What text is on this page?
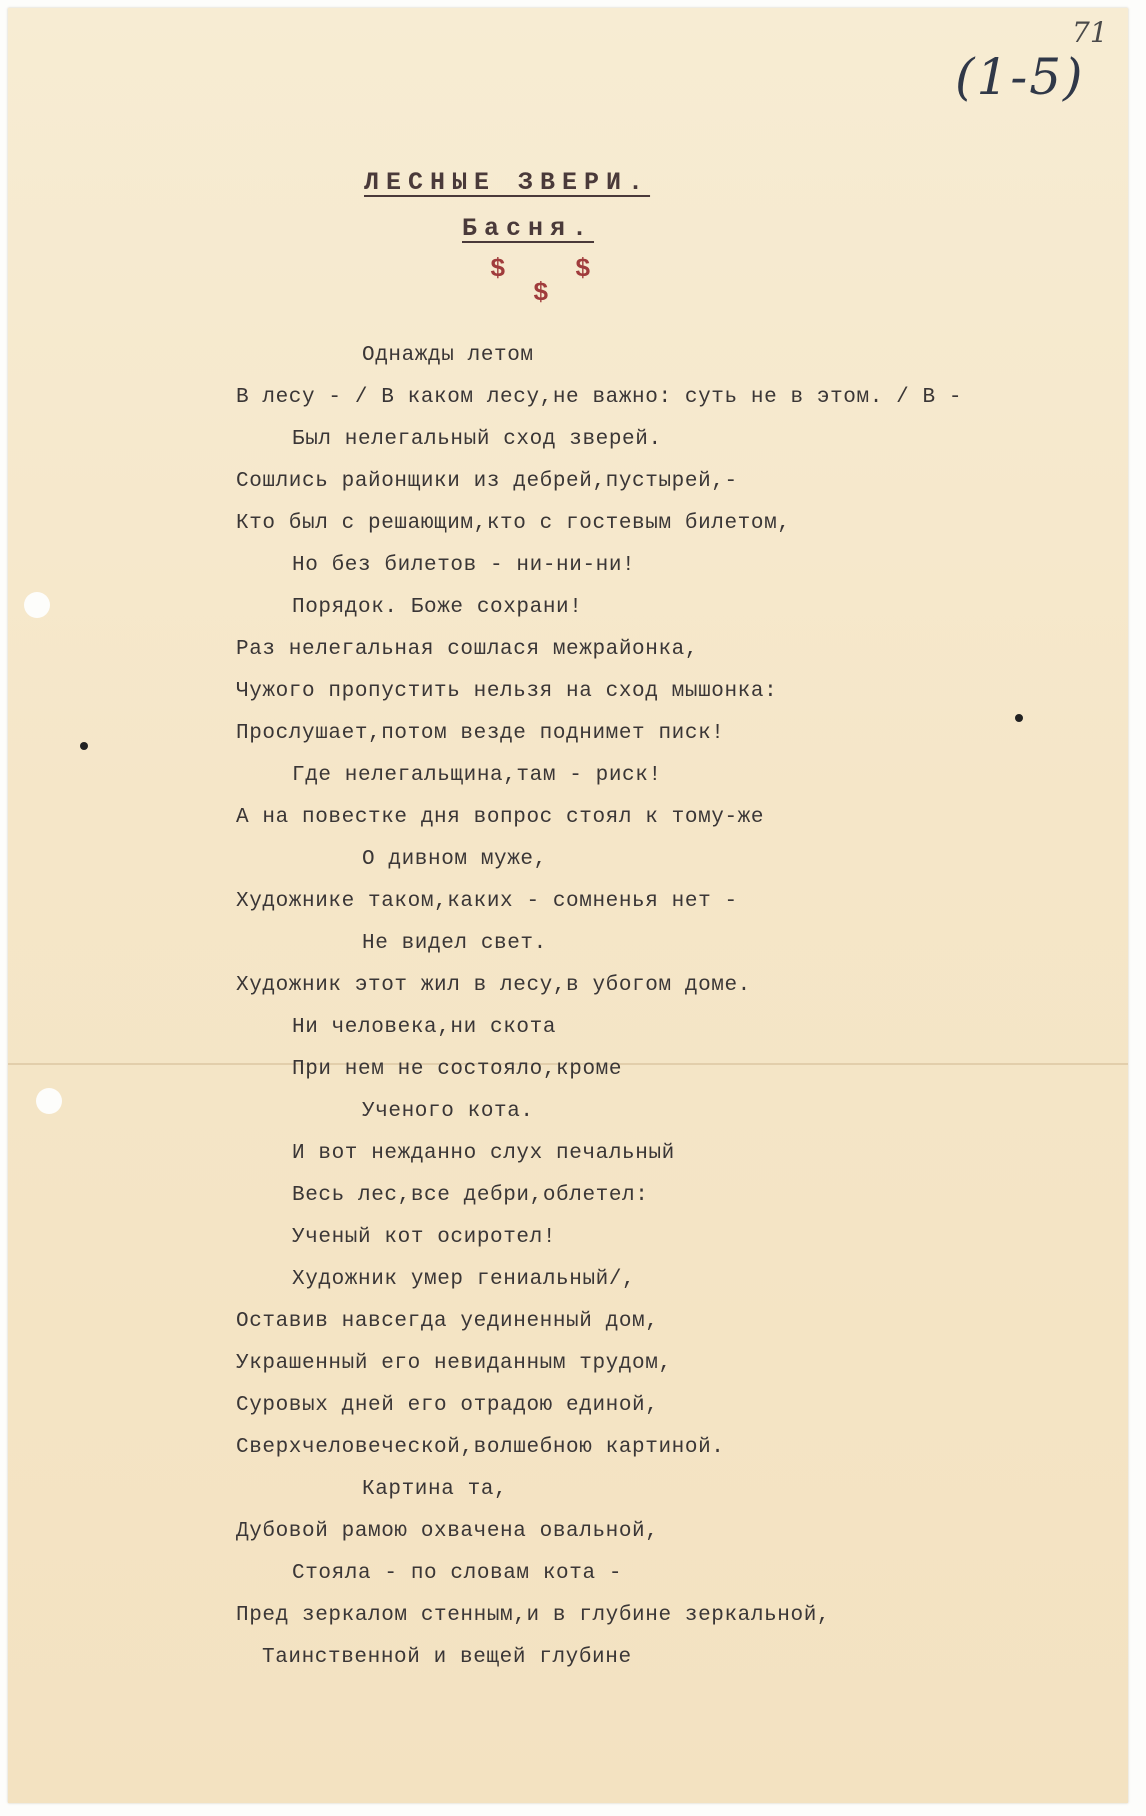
71
(1-5)
ЛЕСНЫЕ ЗВЕРИ.
Басня.
$	$
$
Однажды летом
В лесу - / В каком лесу,не важно: суть не в этом. / В -
Был нелегальный сход зверей.
Сошлись районщики из дебрей,пустырей,-
Кто был с решающим,кто с гостевым билетом,
Но без билетов - ни-ни-ни!
Порядок. Боже сохрани!
Раз нелегальная сошлася межрайонка,
Чужого пропустить нельзя на сход мышонка:
Прослушает,потом везде поднимет писк!
Где нелегальщина,там - риск!
А на повестке дня вопрос стоял к тому-же
О дивном муже,
Художнике таком,каких - сомненья нет -
Не видел свет.
Художник этот жил в лесу,в убогом доме.
Ни человека,ни скота
При нем не состояло,кроме
Ученого кота.
И вот нежданно слух печальный
Весь лес,все дебри,облетел:
Ученый кот осиротел!
Художник умер гениальный/,
Оставив навсегда уединенный дом,
Украшенный его невиданным трудом,
Суровых дней его отрадою единой,
Сверхчеловеческой,волшебною картиной.
Картина та,
Дубовой рамою охвачена овальной,
Стояла - по словам кота -
Пред зеркалом стенным,и в глубине зеркальной,
Таинственной и вещей глубине
